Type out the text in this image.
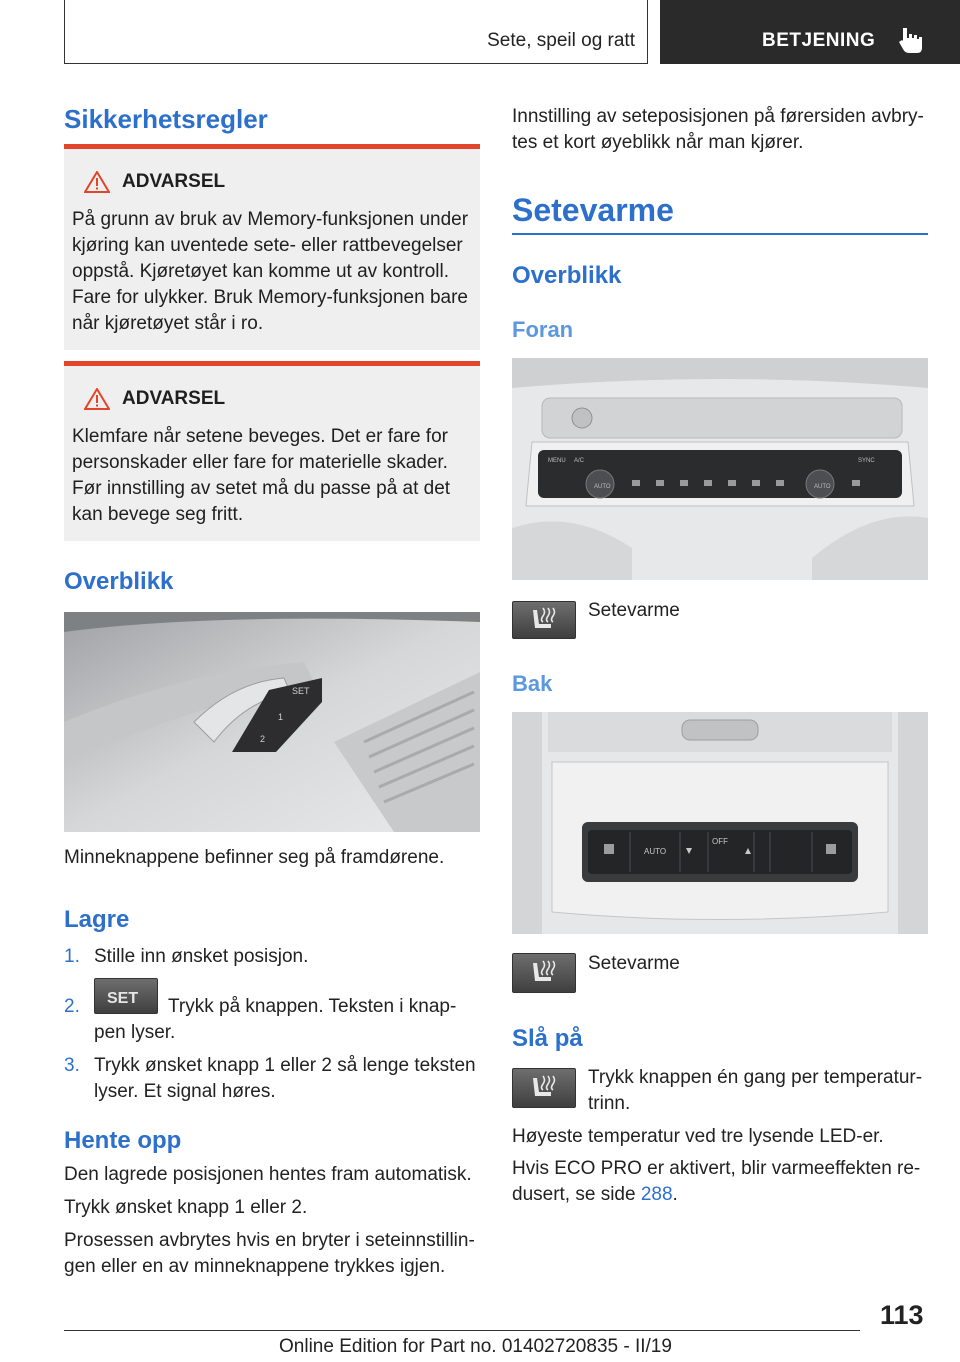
Sete, speil og ratt	BETJENING
Sikkerhetsregler
ADVARSEL
På grunn av bruk av Memory-funksjonen under
kjøring kan uventede sete- eller rattbevegelser
oppstå. Kjøretøyet kan komme ut av kontroll.
Fare for ulykker. Bruk Memory-funksjonen bare
når kjøretøyet står i ro.
ADVARSEL
Klemfare når setene beveges. Det er fare for
personskader eller fare for materielle skader.
Før innstilling av setet må du passe på at det
kan bevege seg fritt.
Overblikk
SET
1
2
Minneknappene befinner seg på framdørene.
Lagre
1. Stille inn ønsket posisjon.
2. SET Trykk på knappen. Teksten i knap-
pen lyser.
3. Trykk ønsket knapp 1 eller 2 så lenge teksten
lyser. Et signal høres.
Hente opp
Den lagrede posisjonen hentes fram automatisk.
Trykk ønsket knapp 1 eller 2.
Prosessen avbrytes hvis en bryter i seteinnstillin-
gen eller en av minneknappene trykkes igjen.
Innstilling av seteposisjonen på førersiden avbry-
tes et kort øyeblikk når man kjører.
Setevarme
Overblikk
Foran
MENU A/C
AUTO	AUTO
SYNC
Setevarme
Bak
AUTO
OFF
Setevarme
Slå på
Trykk knappen én gang per temperatur-
trinn.
Høyeste temperatur ved tre lysende LED-er.
Hvis ECO PRO er aktivert, blir varmeeffekten re-
dusert, se side 288.
113
Online Edition for Part no. 01402720835 - II/19
